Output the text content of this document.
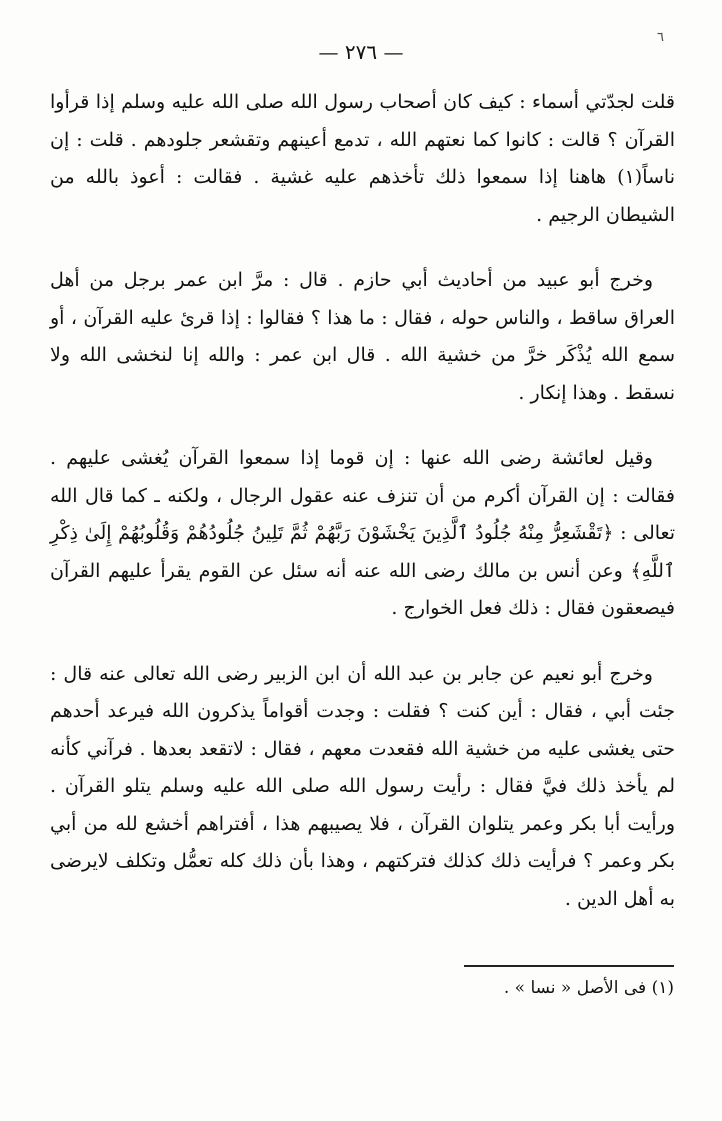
٦
— ٢٧٦ —

قلت لجدّتي أسماء : كيف كان أصحاب رسول الله صلى الله عليه وسلم إذا قرأوا القرآن ؟ قالت : كانوا كما نعتهم الله ، تدمع أعينهم وتقشعر جلودهم . قلت : إن ناساً(١) هاهنا إذا سمعوا ذلك تأخذهم عليه غشية . فقالت : أعوذ بالله من الشيطان الرجيم .

وخرج أبو عبيد من أحاديث أبي حازم . قال : مرَّ ابن عمر برجل من أهل العراق ساقط ، والناس حوله ، فقال : ما هذا ؟ فقالوا : إذا قرئ عليه القرآن ، أو سمع الله يُذْكَر خرَّ من خشية الله . قال ابن عمر : والله إنا لنخشى الله ولا نسقط . وهذا إنكار .

وقيل لعائشة رضى الله عنها : إن قوما إذا سمعوا القرآن يُغشى عليهم . فقالت : إن القرآن أكرم من أن تنزف عنه عقول الرجال ، ولكنه ـ كما قال الله تعالى : ﴿تَقْشَعِرُّ مِنْهُ جُلُودُ ٱلَّذِينَ يَخْشَوْنَ رَبَّهُمْ ثُمَّ تَلِينُ جُلُودُهُمْ وَقُلُوبُهُمْ إِلَىٰ ذِكْرِ ٱللَّهِ﴾ وعن أنس بن مالك رضى الله عنه أنه سئل عن القوم يقرأ عليهم القرآن فيصعقون فقال : ذلك فعل الخوارج .

وخرج أبو نعيم عن جابر بن عبد الله أن ابن الزبير رضى الله تعالى عنه قال : جئت أبي ، فقال : أين كنت ؟ فقلت : وجدت أقواماً يذكرون الله فيرعد أحدهم حتى يغشى عليه من خشية الله فقعدت معهم ، فقال : لاتقعد بعدها . فرآني كأنه لم يأخذ ذلك فيَّ فقال : رأيت رسول الله صلى الله عليه وسلم يتلو القرآن . ورأيت أبا بكر وعمر يتلوان القرآن ، فلا يصيبهم هذا ، أفتراهم أخشع لله من أبي بكر وعمر ؟ فرأيت ذلك كذلك فتركتهم ، وهذا بأن ذلك كله تعمُّل وتكلف لايرضى به أهل الدين .

(١) فى الأصل « نسا » .
